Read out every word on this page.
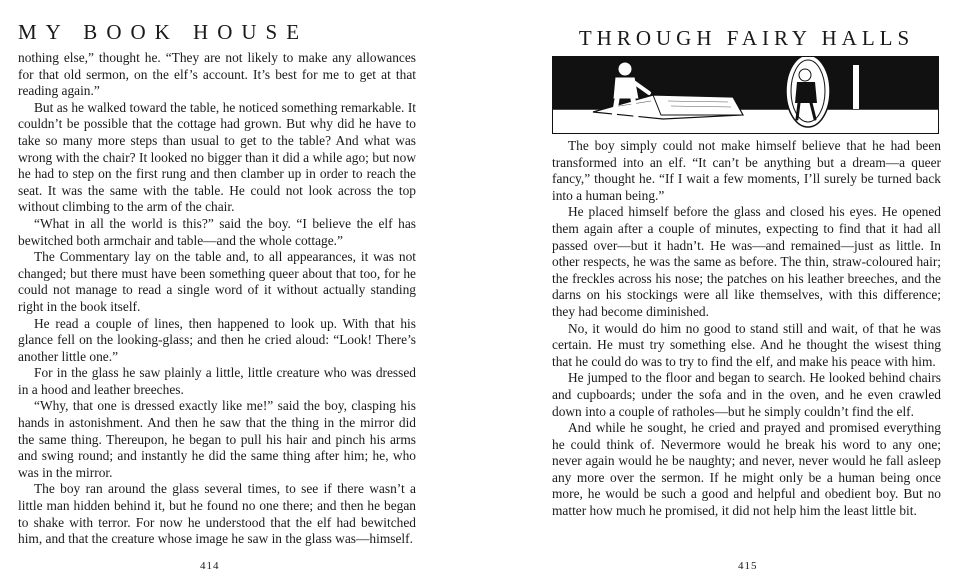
MY BOOK HOUSE

nothing else,” thought he. “They are not likely to make any allowances for that old sermon, on the elf’s account. It’s best for me to get at that reading again.”

But as he walked toward the table, he noticed something remarkable. It couldn’t be possible that the cottage had grown. But why did he have to take so many more steps than usual to get to the table? And what was wrong with the chair? It looked no bigger than it did a while ago; but now he had to step on the first rung and then clamber up in order to reach the seat. It was the same with the table. He could not look across the top without climbing to the arm of the chair.

“What in all the world is this?” said the boy. “I believe the elf has bewitched both armchair and table—and the whole cottage.”

The Commentary lay on the table and, to all appearances, it was not changed; but there must have been something queer about that too, for he could not manage to read a single word of it without actually standing right in the book itself.

He read a couple of lines, then happened to look up. With that his glance fell on the looking-glass; and then he cried aloud: “Look! There’s another little one.”

For in the glass he saw plainly a little, little creature who was dressed in a hood and leather breeches.

“Why, that one is dressed exactly like me!” said the boy, clasping his hands in astonishment. And then he saw that the thing in the mirror did the same thing. Thereupon, he began to pull his hair and pinch his arms and swing round; and instantly he did the same thing after him; he, who was in the mirror.

The boy ran around the glass several times, to see if there wasn’t a little man hidden behind it, but he found no one there; and then he began to shake with terror. For now he understood that the elf had bewitched him, and that the creature whose image he saw in the glass was—himself.

414
THROUGH FAIRY HALLS

The boy simply could not make himself believe that he had been transformed into an elf. “It can’t be anything but a dream—a queer fancy,” thought he. “If I wait a few moments, I’ll surely be turned back into a human being.”

He placed himself before the glass and closed his eyes. He opened them again after a couple of minutes, expecting to find that it had all passed over—but it hadn’t. He was—and remained—just as little. In other respects, he was the same as before. The thin, straw-coloured hair; the freckles across his nose; the patches on his leather breeches, and the darns on his stockings were all like themselves, with this difference; they had become diminished.

No, it would do him no good to stand still and wait, of that he was certain. He must try something else. And he thought the wisest thing that he could do was to try to find the elf, and make his peace with him.

He jumped to the floor and began to search. He looked behind chairs and cupboards; under the sofa and in the oven, and he even crawled down into a couple of ratholes—but he simply couldn’t find the elf.

And while he sought, he cried and prayed and promised everything he could think of. Nevermore would he break his word to any one; never again would he be naughty; and never, never would he fall asleep any more over the sermon. If he might only be a human being once more, he would be such a good and helpful and obedient boy. But no matter how much he promised, it did not help him the least little bit.

415
